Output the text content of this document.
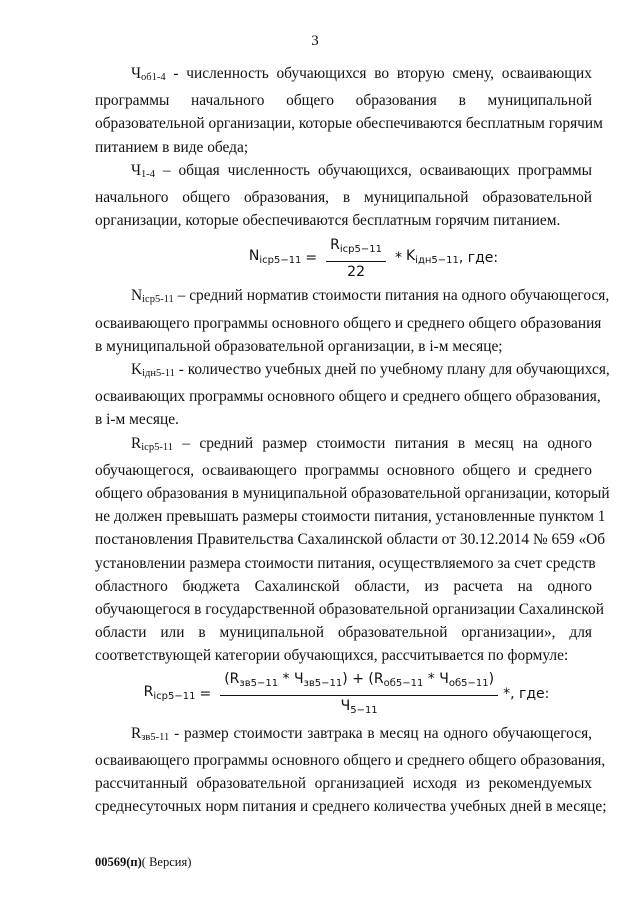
3
Чоб1-4 - численность обучающихся во вторую смену, осваивающих
программы начального общего образования в муниципальной
образовательной организации, которые обеспечиваются бесплатным горячим
питанием в виде обеда;
Ч1-4 – общая численность обучающихся, осваивающих программы
начального общего образования, в муниципальной образовательной
организации, которые обеспечиваются бесплатным горячим питанием.
$N_{icp5-11} = \frac{R_{icp5-11}}{22} * K_{iдн5-11}$ , где:
Nicp5-11 – средний норматив стоимости питания на одного обучающегося,
осваивающего программы основного общего и среднего общего образования
в муниципальной образовательной организации, в i-м месяце;
Kiдн5-11 - количество учебных дней по учебному плану для обучающихся,
осваивающих программы основного общего и среднего общего образования,
в i-м месяце.
Ricp5-11 – средний размер стоимости питания в месяц на одного
обучающегося, осваивающего программы основного общего и среднего
общего образования в муниципальной образовательной организации, который
не должен превышать размеры стоимости питания, установленные пунктом 1
постановления Правительства Сахалинской области от 30.12.2014 № 659 «Об
установлении размера стоимости питания, осуществляемого за счет средств
областного бюджета Сахалинской области, из расчета на одного
обучающегося в государственной образовательной организации Сахалинской
области или в муниципальной образовательной организации», для
соответствующей категории обучающихся, рассчитывается по формуле:
$R_{icp5-11} = \frac{(R_{зв5-11} * Ч_{зв5-11}) + (R_{об5-11} * Ч_{об5-11})}{Ч_{5-11}}$ *, где:
Rзв5-11 - размер стоимости завтрака в месяц на одного обучающегося,
осваивающего программы основного общего и среднего общего образования,
рассчитанный образовательной организацией исходя из рекомендуемых
среднесуточных норм питания и среднего количества учебных дней в месяце;
00569(п)( Версия)
